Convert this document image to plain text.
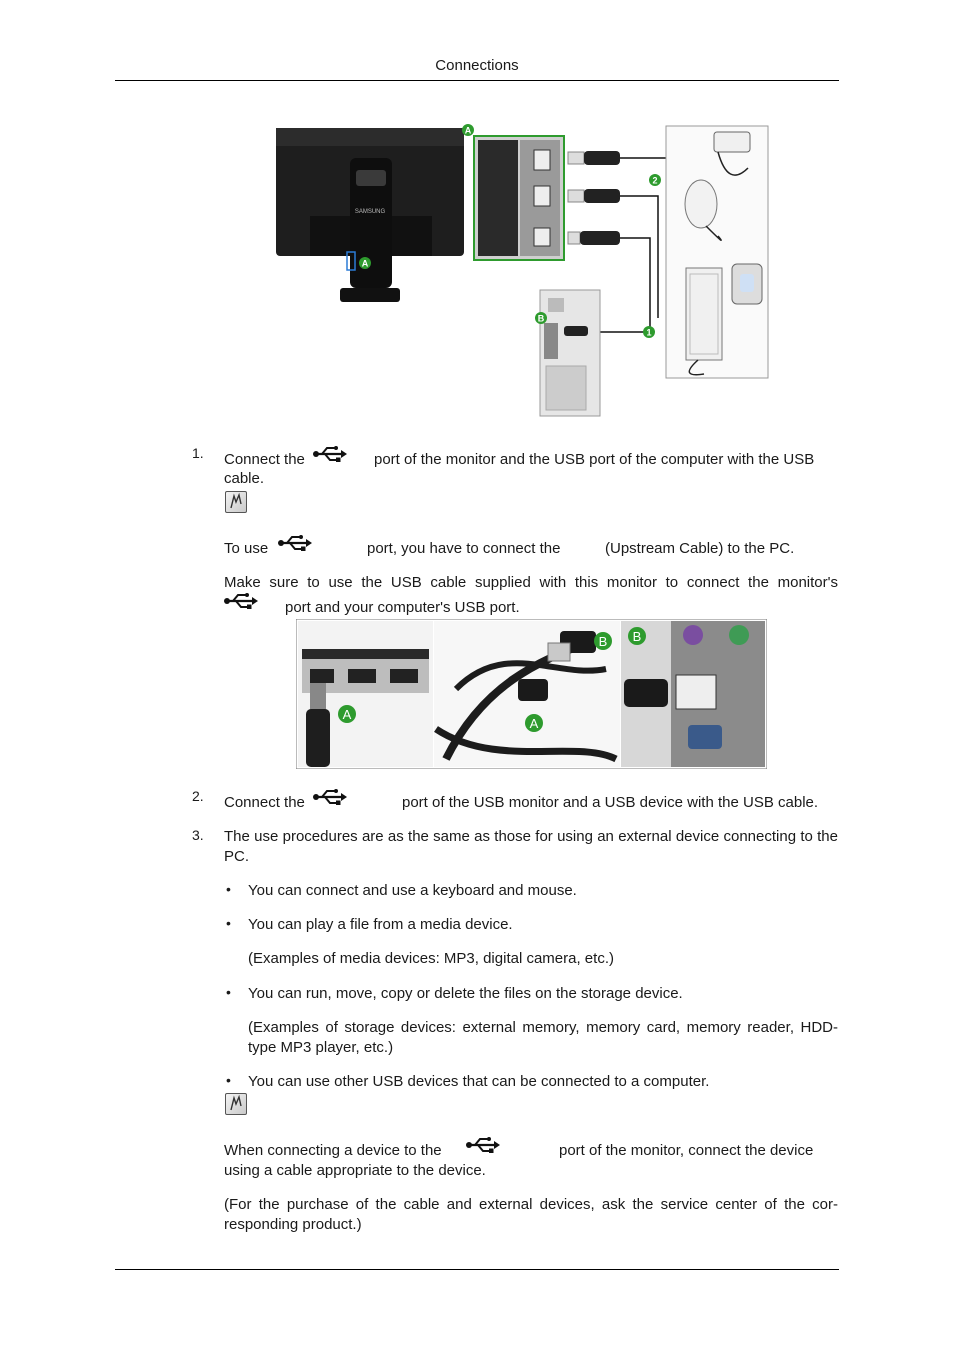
Connections
SAMSUNG
A
A
2
1
B
1. Connect the	port of the monitor and the USB port of the computer with the USB
cable.
To use	port, you have to connect the	(Upstream Cable) to the PC.
Make sure to use the USB cable supplied with this monitor to connect the monitor's
port and your computer's USB port.
A
B
A
B
2. Connect the	port of the USB monitor and a USB device with the USB cable.
3. The use procedures are as the same as those for using an external device connecting to the PC.
• You can connect and use a keyboard and mouse.
• You can play a file from a media device.
(Examples of media devices: MP3, digital camera, etc.)
• You can run, move, copy or delete the files on the storage device.
(Examples of storage devices: external memory, memory card, memory reader, HDD-type MP3 player, etc.)
• You can use other USB devices that can be connected to a computer.
When connecting a device to the	port of the monitor, connect the device
using a cable appropriate to the device.
(For the purchase of the cable and external devices, ask the service center of the cor-responding product.)
